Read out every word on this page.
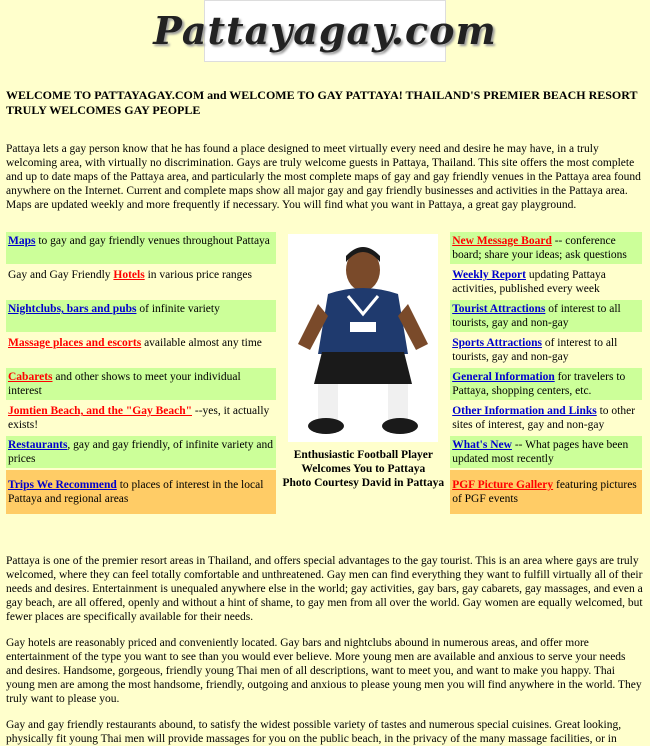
Pattayagay.com
WELCOME TO PATTAYAGAY.COM and WELCOME TO GAY PATTAYA! THAILAND'S PREMIER BEACH RESORT TRULY WELCOMES GAY PEOPLE
Pattaya lets a gay person know that he has found a place designed to meet virtually every need and desire he may have, in a truly welcoming area, with virtually no discrimination. Gays are truly welcome guests in Pattaya, Thailand. This site offers the most complete and up to date maps of the Pattaya area, and particularly the most complete maps of gay and gay friendly venues in the Pattaya area found anywhere on the Internet. Current and complete maps show all major gay and gay friendly businesses and activities in the Pattaya area. Maps are updated weekly and more frequently if necessary. You will find what you want in Pattaya, a great gay playground.
Maps to gay and gay friendly venues throughout Pattaya	Enthusiastic Football Player
Welcomes You to Pattaya
Photo Courtesy David in Pattaya	New Message Board -- conference board; share your ideas; ask questions
Gay and Gay Friendly Hotels in various price ranges		Weekly Report updating Pattaya activities, published every week
Nightclubs, bars and pubs of infinite variety		Tourist Attractions of interest to all tourists, gay and non-gay
Massage places and escorts available almost any time		Sports Attractions of interest to all tourists, gay and non-gay
Cabarets and other shows to meet your individual interest		General Information for travelers to Pattaya, shopping centers, etc.
Jomtien Beach, and the "Gay Beach" --yes, it actually exists!		Other Information and Links to other sites of interest, gay and non-gay
Restaurants, gay and gay friendly, of infinite variety and prices		What's New -- What pages have been updated most recently
Trips We Recommend to places of interest in the local Pattaya and regional areas		PGF Picture Gallery featuring pictures of PGF events

Pattaya is one of the premier resort areas in Thailand, and offers special advantages to the gay tourist. This is an area where gays are truly welcomed, where they can feel totally comfortable and unthreatened. Gay men can find everything they want to fulfill virtually all of their needs and desires. Entertainment is unequaled anywhere else in the world; gay activities, gay bars, gay cabarets, gay massages, and even a gay beach, are all offered, openly and without a hint of shame, to gay men from all over the world. Gay women are equally welcomed, but fewer places are specifically available for their needs.

Gay hotels are reasonably priced and conveniently located. Gay bars and nightclubs abound in numerous areas, and offer more entertainment of the type you want to see than you would ever believe. More young men are available and anxious to serve your needs and desires. Handsome, gorgeous, friendly young Thai men of all descriptions, want to meet you, and want to make you happy. Thai young men are among the most handsome, friendly, outgoing and anxious to please young men you will find anywhere in the world. They truly want to please you.

Gay and gay friendly restaurants abound, to satisfy the widest possible variety of tastes and numerous special cuisines. Great looking, physically fit young Thai men will provide massages for you on the public beach, in the privacy of the many massage facilities, or in
